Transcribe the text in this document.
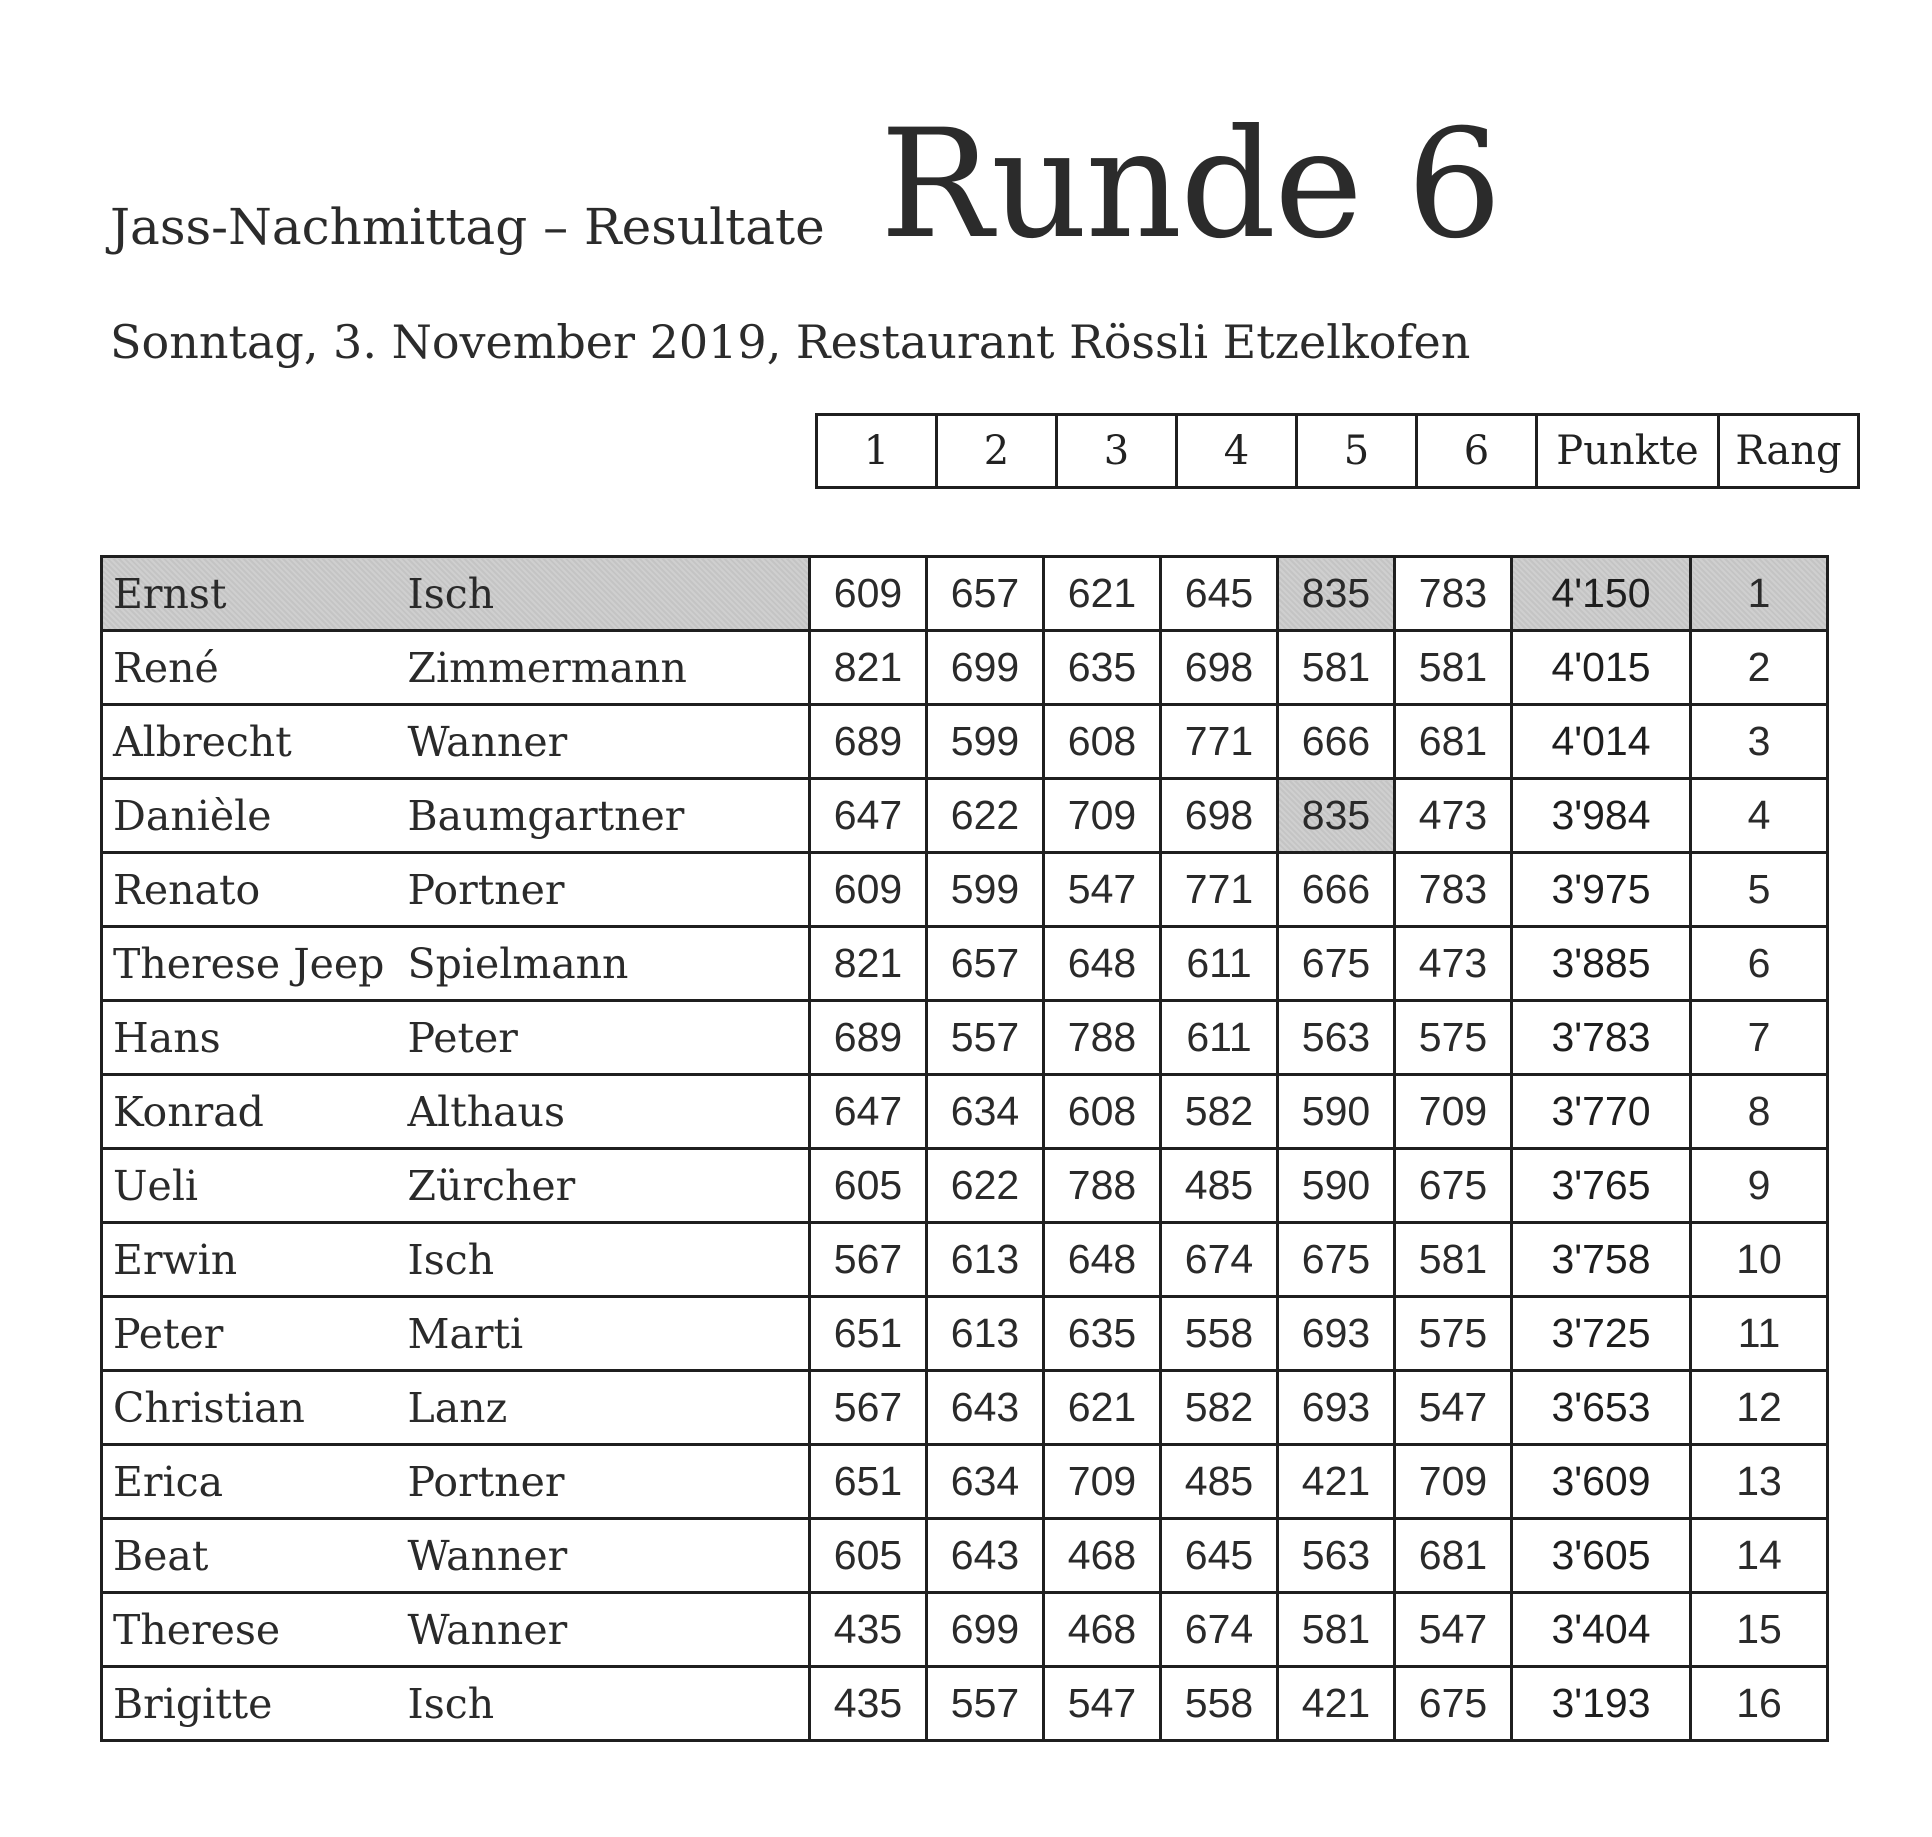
Jass-Nachmittag – Resultate Runde 6
Sonntag, 3. November 2019, Restaurant Rössli Etzelkofen
1	2	3	4	5	6	Punkte	Rang
Ernst	Isch	609	657	621	645	835	783	4'150	1
René	Zimmermann	821	699	635	698	581	581	4'015	2
Albrecht	Wanner	689	599	608	771	666	681	4'014	3
Danièle	Baumgartner	647	622	709	698	835	473	3'984	4
Renato	Portner	609	599	547	771	666	783	3'975	5
Therese Jeep	Spielmann	821	657	648	611	675	473	3'885	6
Hans	Peter	689	557	788	611	563	575	3'783	7
Konrad	Althaus	647	634	608	582	590	709	3'770	8
Ueli	Zürcher	605	622	788	485	590	675	3'765	9
Erwin	Isch	567	613	648	674	675	581	3'758	10
Peter	Marti	651	613	635	558	693	575	3'725	11
Christian	Lanz	567	643	621	582	693	547	3'653	12
Erica	Portner	651	634	709	485	421	709	3'609	13
Beat	Wanner	605	643	468	645	563	681	3'605	14
Therese	Wanner	435	699	468	674	581	547	3'404	15
Brigitte	Isch	435	557	547	558	421	675	3'193	16
